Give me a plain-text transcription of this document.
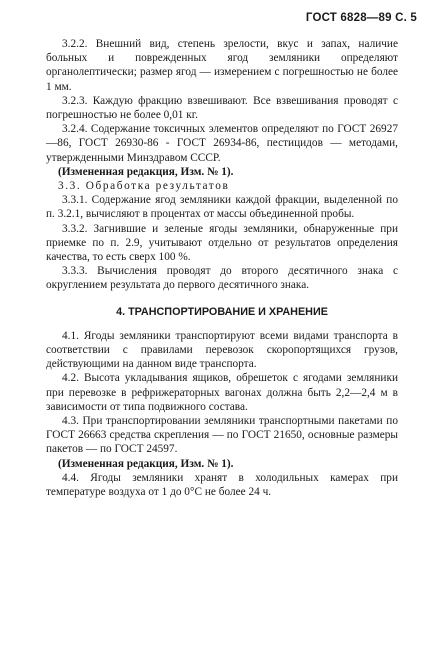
ГОСТ 6828—89 С. 5

3.2.2. Внешний вид, степень зрелости, вкус и запах, наличие больных и поврежденных ягод земляники определяют органолептически; размер ягод — измерением с погрешностью не более 1 мм.

3.2.3. Каждую фракцию взвешивают. Все взвешивания проводят с погрешностью не более 0,01 кг.

3.2.4. Содержание токсичных элементов определяют по ГОСТ 26927—86, ГОСТ 26930-86 - ГОСТ 26934-86, пестицидов — методами, утвержденными Минздравом СССР.

(Измененная редакция, Изм. № 1).

3.3. Обработка результатов

3.3.1. Содержание ягод земляники каждой фракции, выделенной по п. 3.2.1, вычисляют в процентах от массы объединенной пробы.

3.3.2. Загнившие и зеленые ягоды земляники, обнаруженные при приемке по п. 2.9, учитывают отдельно от результатов определения качества, то есть сверх 100 %.

3.3.3. Вычисления проводят до второго десятичного знака с округлением результата до первого десятичного знака.

4. ТРАНСПОРТИРОВАНИЕ И ХРАНЕНИЕ

4.1. Ягоды земляники транспортируют всеми видами транспорта в соответствии с правилами перевозок скоропортящихся грузов, действующими на данном виде транспорта.

4.2. Высота укладывания ящиков, обрешеток с ягодами земляники при перевозке в рефрижераторных вагонах должна быть 2,2—2,4 м в зависимости от типа подвижного состава.

4.3. При транспортировании земляники транспортными пакетами по ГОСТ 26663 средства скрепления — по ГОСТ 21650, основные размеры пакетов — по ГОСТ 24597.

(Измененная редакция, Изм. № 1).

4.4. Ягоды земляники хранят в холодильных камерах при температуре воздуха от 1 до 0°С не более 24 ч.
